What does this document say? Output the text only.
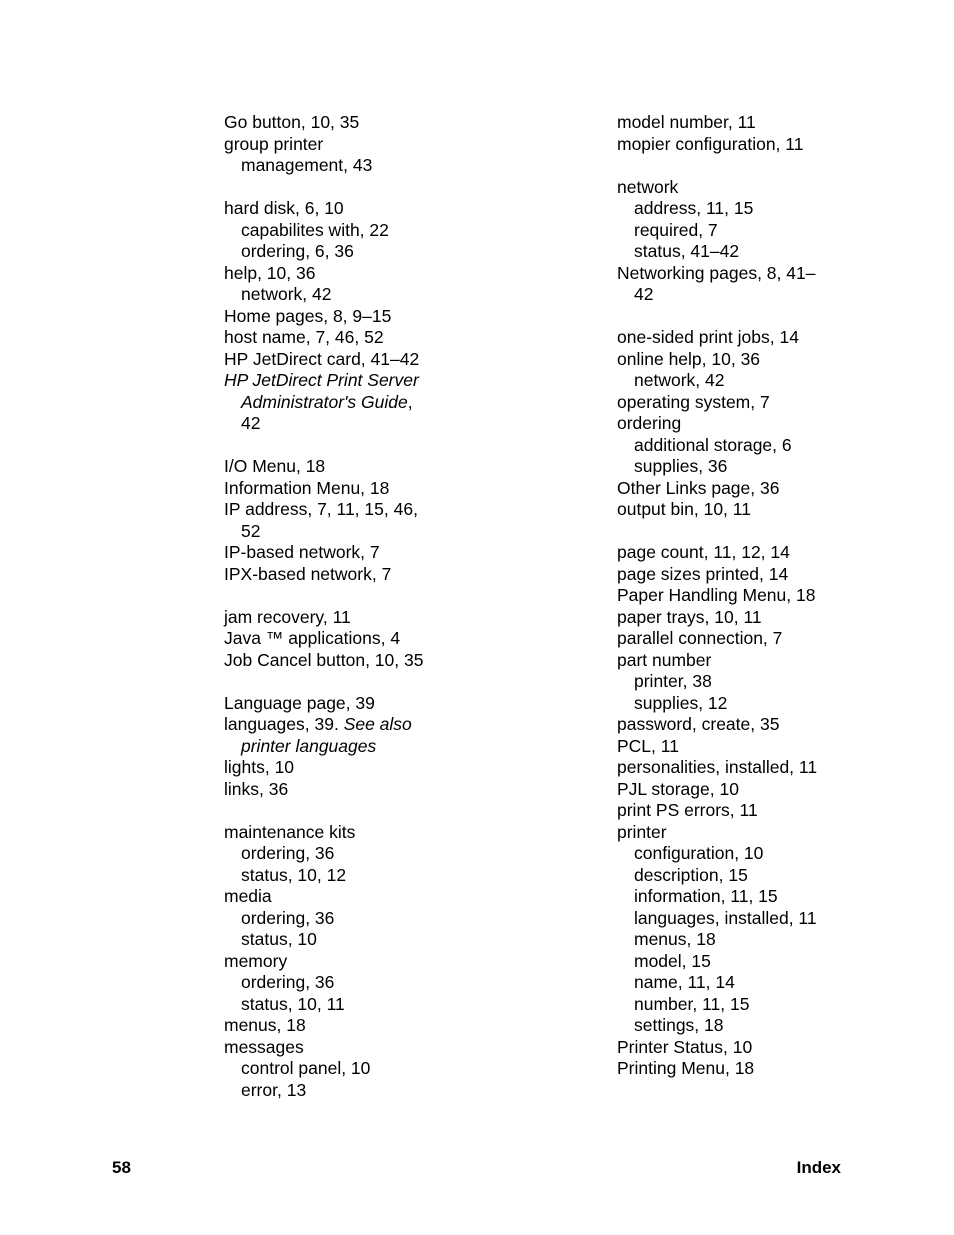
Go button, 10, 35
group printer
management, 43
hard disk, 6, 10
capabilites with, 22
ordering, 6, 36
help, 10, 36
network, 42
Home pages, 8, 9–15
host name, 7, 46, 52
HP JetDirect card, 41–42
HP JetDirect Print Server
Administrator's Guide,
42
I/O Menu, 18
Information Menu, 18
IP address, 7, 11, 15, 46,
52
IP-based network, 7
IPX-based network, 7
jam recovery, 11
Java ™ applications, 4
Job Cancel button, 10, 35
Language page, 39
languages, 39. See also
printer languages
lights, 10
links, 36
maintenance kits
ordering, 36
status, 10, 12
media
ordering, 36
status, 10
memory
ordering, 36
status, 10, 11
menus, 18
messages
control panel, 10
error, 13
model number, 11
mopier configuration, 11
network
address, 11, 15
required, 7
status, 41–42
Networking pages, 8, 41–
42
one-sided print jobs, 14
online help, 10, 36
network, 42
operating system, 7
ordering
additional storage, 6
supplies, 36
Other Links page, 36
output bin, 10, 11
page count, 11, 12, 14
page sizes printed, 14
Paper Handling Menu, 18
paper trays, 10, 11
parallel connection, 7
part number
printer, 38
supplies, 12
password, create, 35
PCL, 11
personalities, installed, 11
PJL storage, 10
print PS errors, 11
printer
configuration, 10
description, 15
information, 11, 15
languages, installed, 11
menus, 18
model, 15
name, 11, 14
number, 11, 15
settings, 18
Printer Status, 10
Printing Menu, 18
58	Index
